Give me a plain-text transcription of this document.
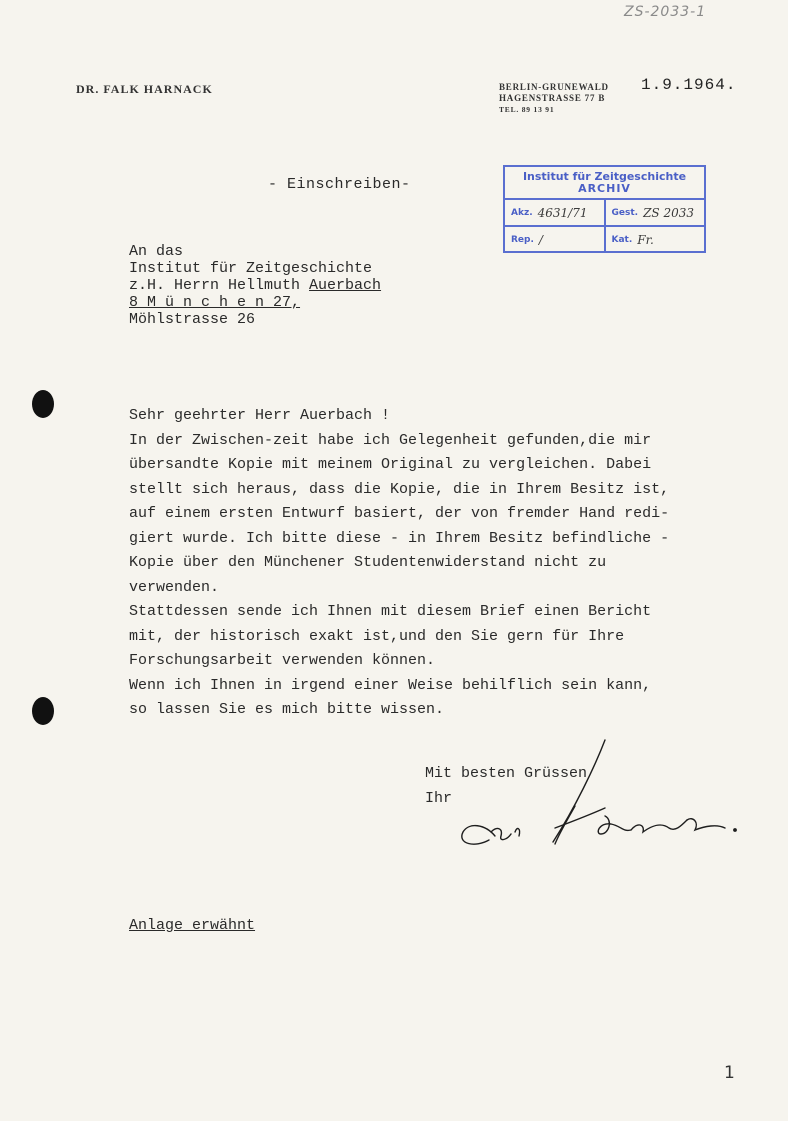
ZS-2033-1
DR. FALK HARNACK	BERLIN-GRUNEWALD
HAGENSTRASSE 77 B
TEL. 89 13 91
1.9.1964.
- Einschreiben-	Institut für Zeitgeschichte
ARCHIV
Akz. 4631/71	Gest. ZS 2033
Rep. /	Kat. Fr.
An das
Institut für Zeitgeschichte
z.H. Herrn Hellmuth Auerbach
8 M ü n c h e n 27,
Möhlstrasse 26
Sehr geehrter Herr Auerbach !
In der Zwischen-zeit habe ich Gelegenheit gefunden,die mir
übersandte Kopie mit meinem Original zu vergleichen. Dabei
stellt sich heraus, dass die Kopie, die in Ihrem Besitz ist,
auf einem ersten Entwurf basiert, der von fremder Hand redi-
giert wurde. Ich bitte diese - in Ihrem Besitz befindliche -
Kopie über den Münchener Studentenwiderstand nicht zu
verwenden.
Stattdessen sende ich Ihnen mit diesem Brief einen Bericht
mit, der historisch exakt ist,und den Sie gern für Ihre
Forschungsarbeit verwenden können.
Wenn ich Ihnen in irgend einer Weise behilflich sein kann,
so lassen Sie es mich bitte wissen.
Mit besten Grüssen
Ihr
Anlage erwähnt
1
